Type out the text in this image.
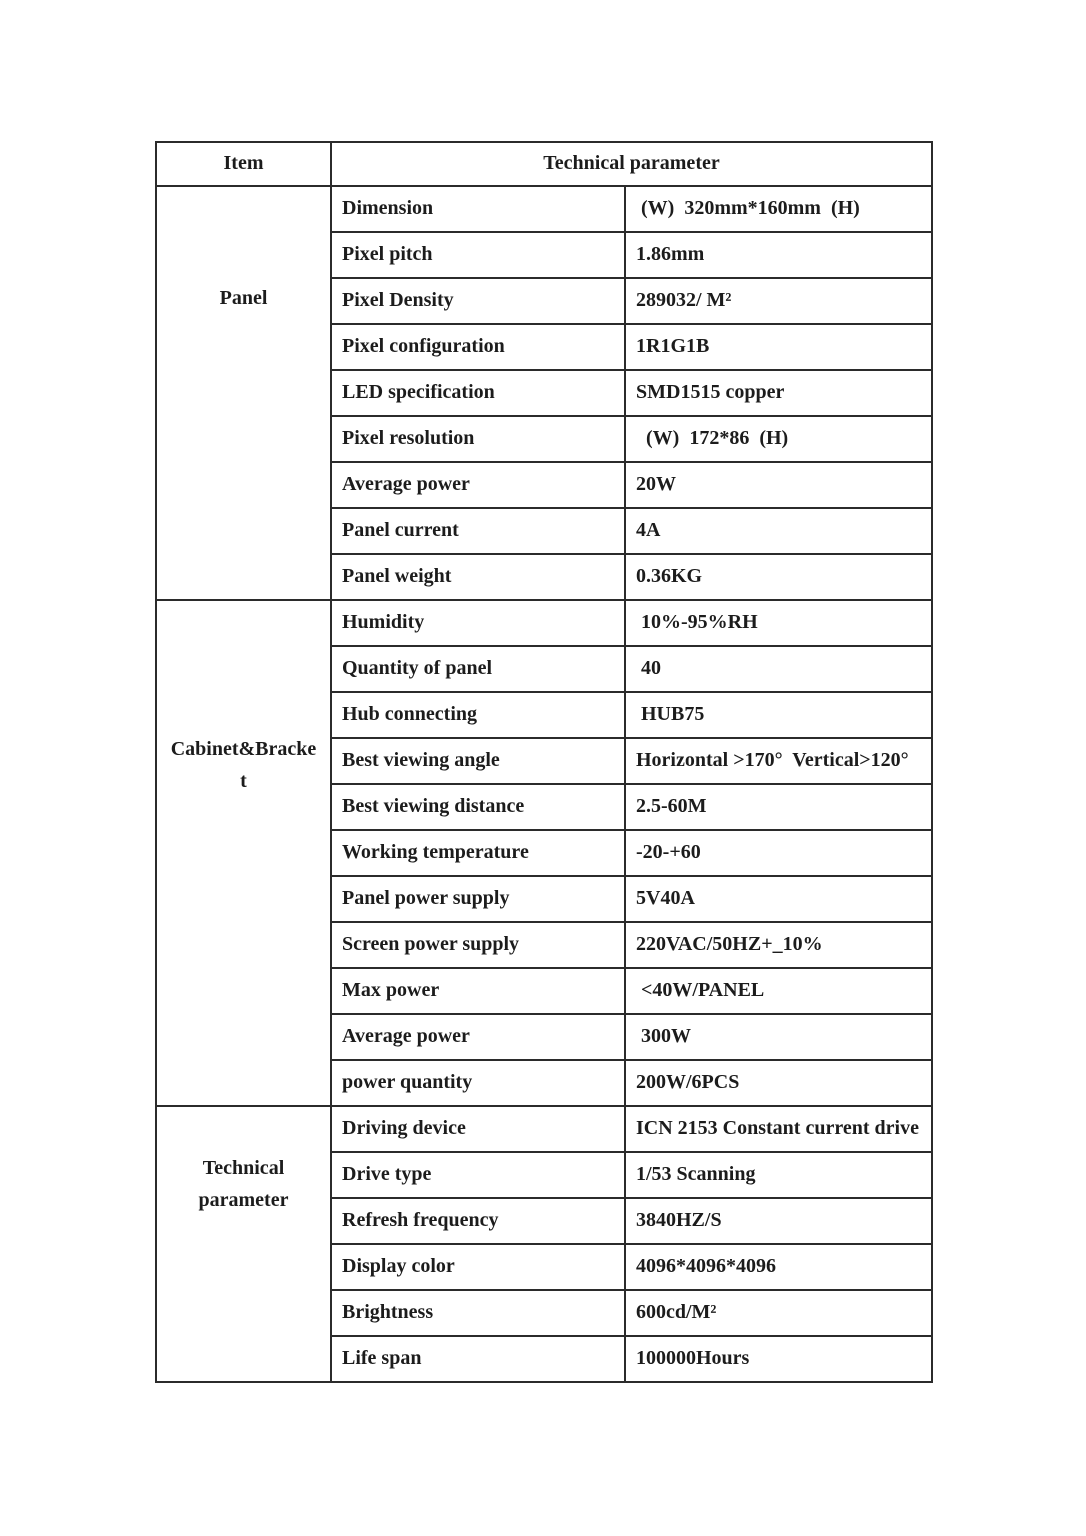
Item	Technical parameter	
Panel	Dimension	(W)  320mm*160mm  (H)
	Pixel pitch	1.86mm
	Pixel Density	289032/ M²
	Pixel configuration	1R1G1B
	LED specification	SMD1515 copper
	Pixel resolution	(W)  172*86  (H)
	Average power	20W
	Panel current	4A
	Panel weight	0.36KG
Cabinet&Bracket	Humidity	10%-95%RH
	Quantity of panel	40
	Hub connecting	HUB75
	Best viewing angle	Horizontal >170°  Vertical>120°
	Best viewing distance	2.5-60M
	Working temperature	-20-+60
	Panel power supply	5V40A
	Screen power supply	220VAC/50HZ+_10%
	Max power	<40W/PANEL
	Average power	300W
	power quantity	200W/6PCS
Technical parameter	Driving device	ICN 2153 Constant current drive
	Drive type	1/53 Scanning
	Refresh frequency	3840HZ/S
	Display color	4096*4096*4096
	Brightness	600cd/M²
	Life span	100000Hours
